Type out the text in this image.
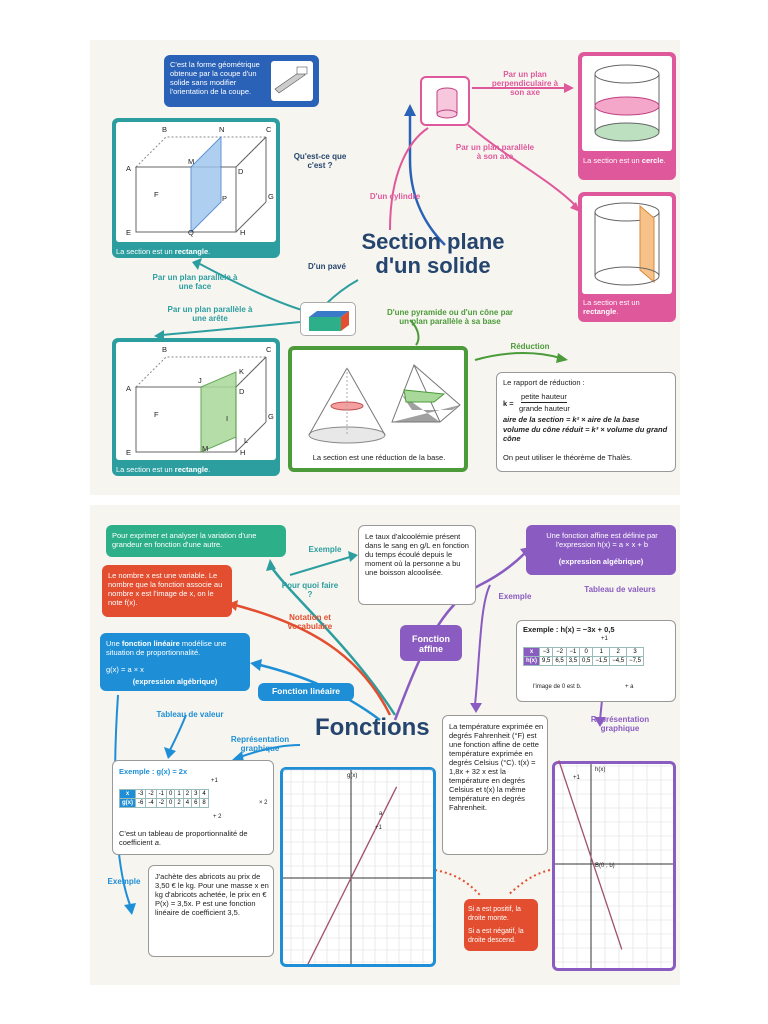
C'est la forme géométrique obtenue par la coupe d'un solide sans modifier l'orientation de la coupe.
Qu'est-ce que c'est ?
Section plane
d'un solide
D'un cylindre
Par un plan perpendiculaire à son axe
Par un plan parallèle à son axe	La section est un cercle.
La section est un rectangle.
B	N	C
A
M
D
F	P	G
E	Q	H
La section est un rectangle.
D'un pavé
Par un plan parallèle à une face
Par un plan parallèle à une arête
D'une pyramide ou d'un cône par un plan parallèle à sa base
B	C
A
J
K
D
F	I	G
E	M
L
H
La section est un rectangle.
La section est une réduction de la base.
Réduction
Le rapport de réduction :
k =
petite hauteur
grande hauteur
aire de la section = k² × aire de la base
volume du cône réduit = k³ × volume du grand cône
On peut utiliser le théorème de Thalès.
Pour exprimer et analyser la variation d'une grandeur en fonction d'une autre.
Exemple
Le taux d'alcoolémie présent dans le sang en g/L en fonction du temps écoulé depuis le moment où la personne a bu une boisson alcoolisée.
Pour quoi faire ?
Notation et vocabulaire
Le nombre x est une variable. Le nombre que la fonction associe au nombre x est l'image de x, on le note f(x).
Une fonction linéaire modélise une situation de proportionnalité.
g(x) = a × x
(expression algébrique)
Fonction linéaire
Fonctions
Tableau de valeur
Représentation graphique
Exemple : g(x) = 2x
+1
x	-3	-2	-1	0	1	2	3	4
g(x)	-6	-4	-2	0	2	4	6	8	× 2
+ 2
C'est un tableau de proportionnalité de coefficient a.
Exemple
J'achète des abricots au prix de 3,50 € le kg. Pour une masse x en kg d'abricots achetée, le prix en € P(x) = 3,5x. P est une fonction linéaire de coefficient 3,5.
g(x)
+1
a
Fonction affine
Une fonction affine est définie par l'expression h(x) = a × x + b
(expression algébrique)
Exemple
Tableau de valeurs
Exemple : h(x) = −3x + 0,5
+1
x	−3	−2	−1	0	1	2	3
h(x)	9,5	6,5	3,5	0,5	−1,5	−4,5	−7,5
l'image de 0 est b.	+ a
Représentation graphique
La température exprimée en degrés Fahrenheit (°F) est une fonction affine de cette température exprimée en degrés Celsius (°C). t(x) = 1,8x + 32 x est la température en degrés Celsius et t(x) la même température en degrés Fahrenheit.
Si a est positif, la droite monte.
Si a est négatif, la droite descend.
h(x)
B(0 ; b)
+1
